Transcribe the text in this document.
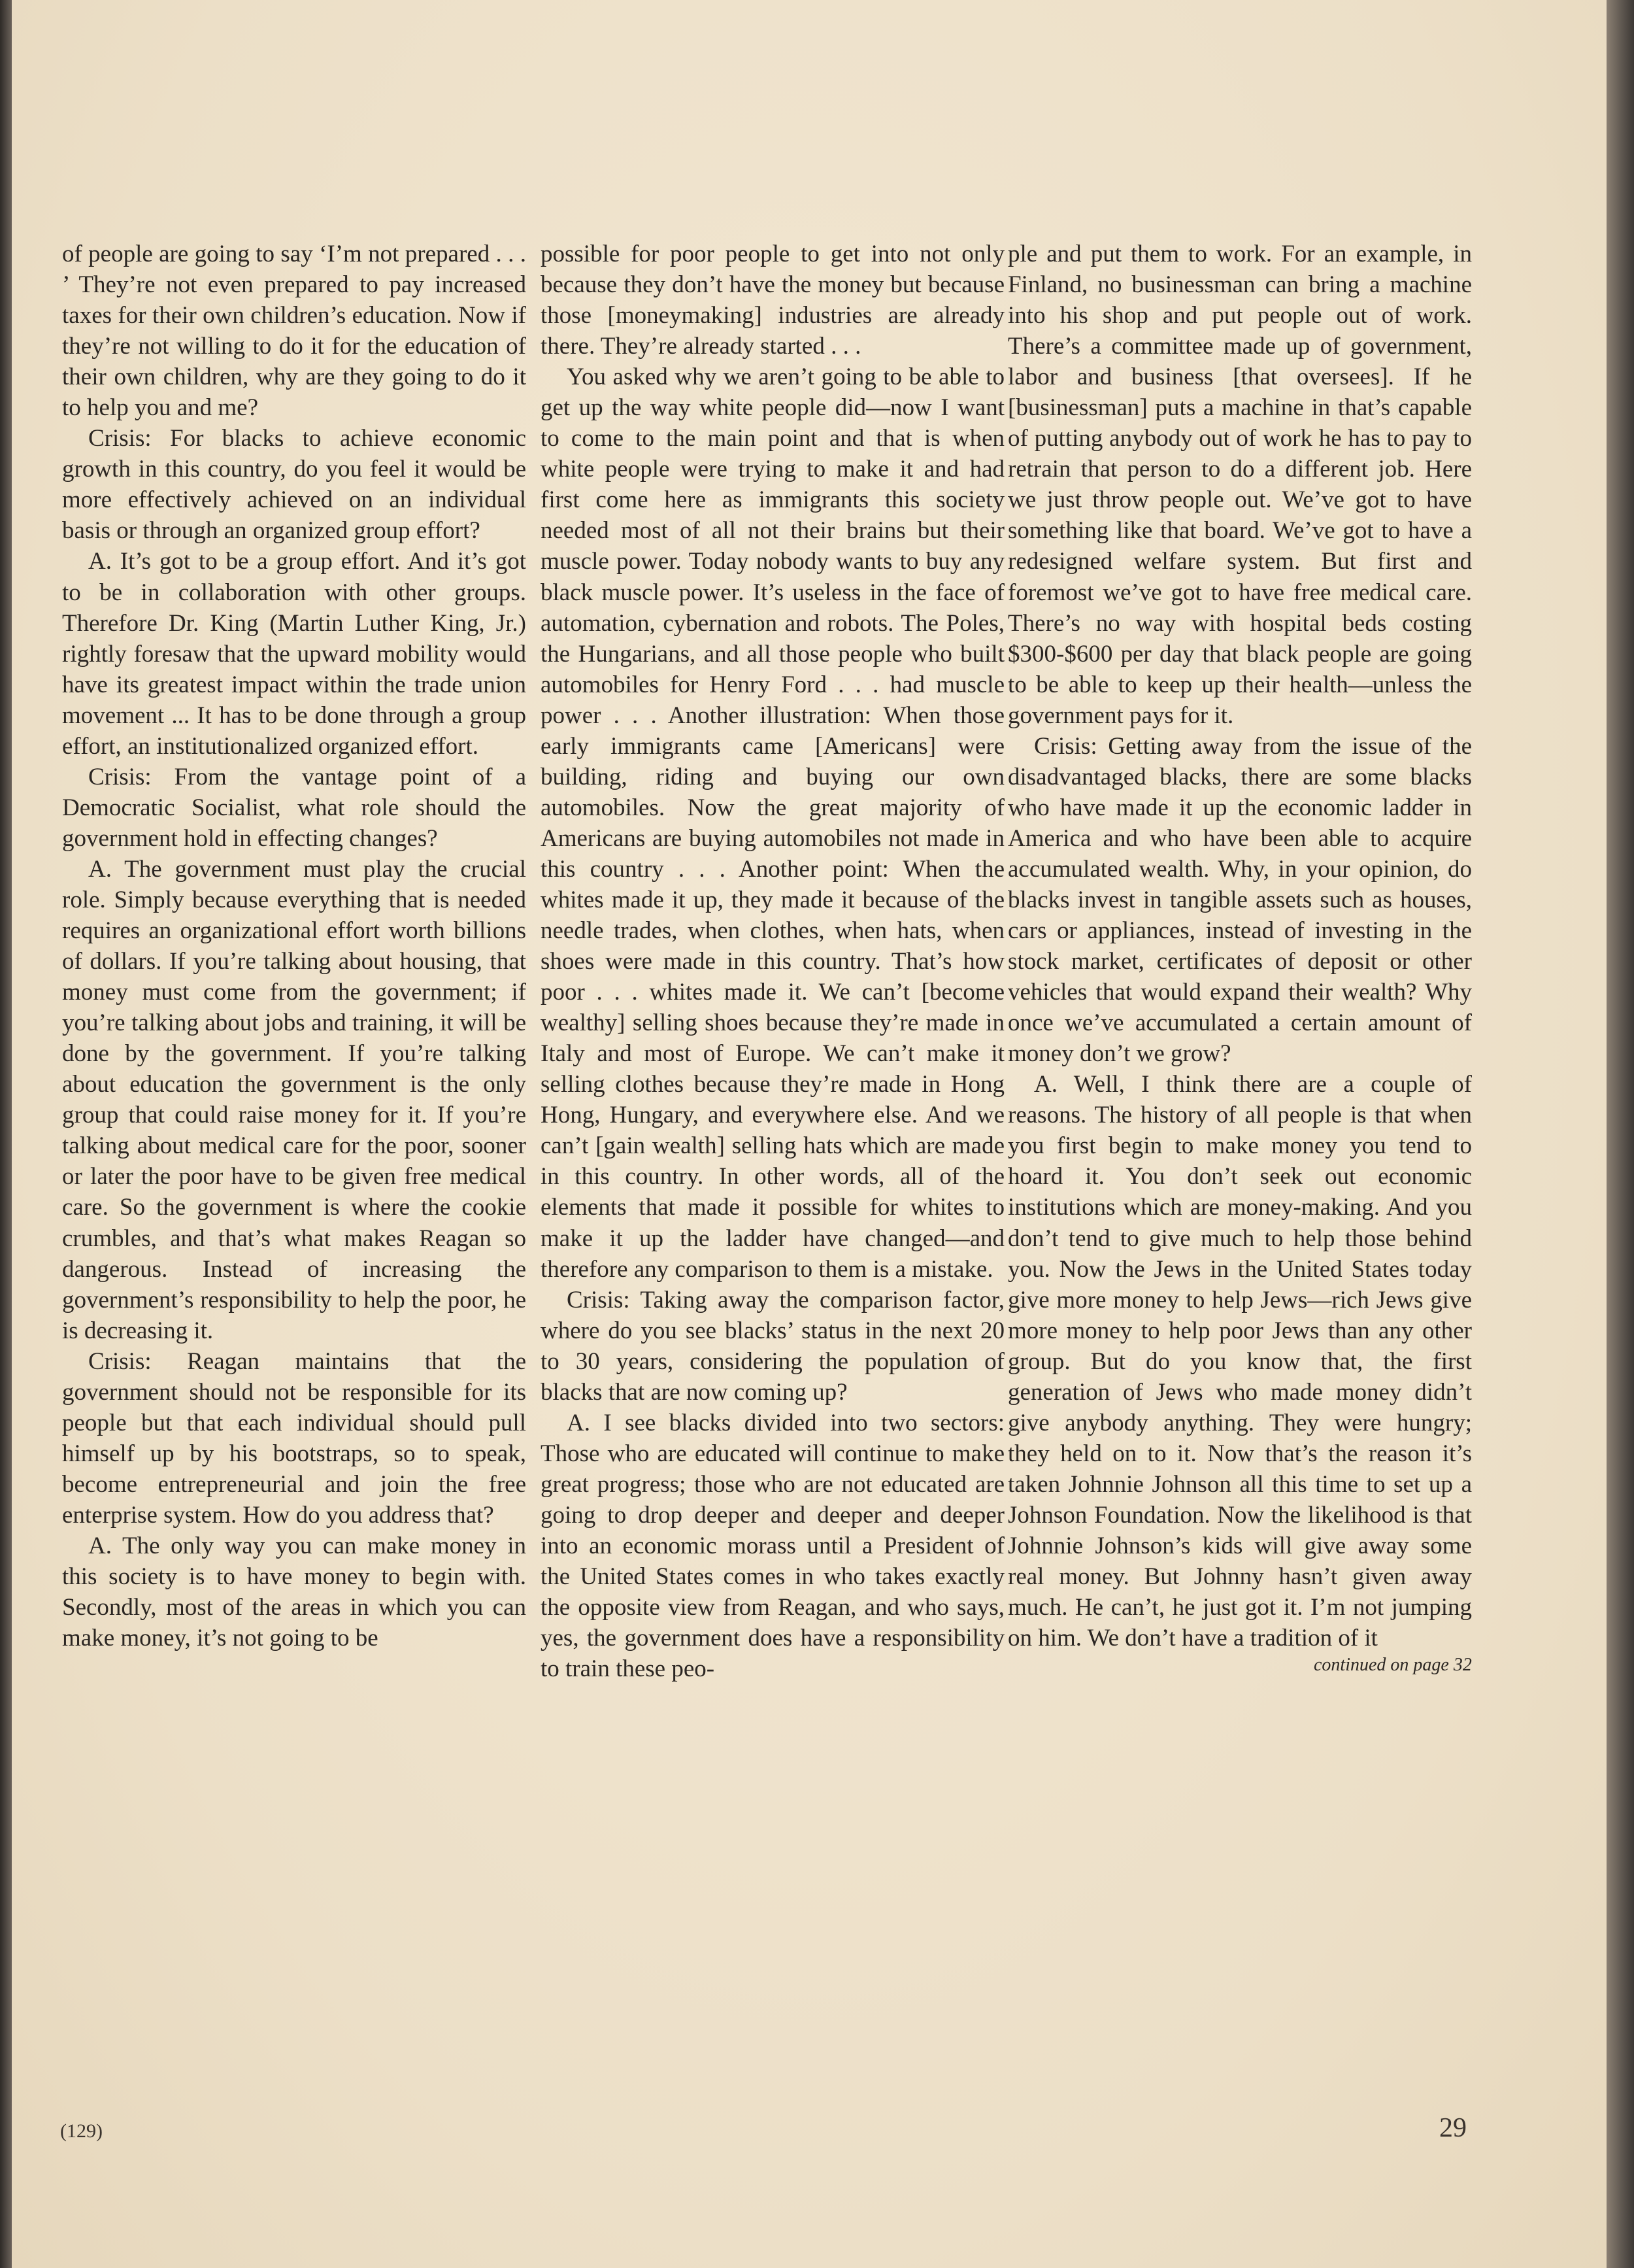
of people are going to say ‘I’m not prepared . . . ’ They’re not even prepared to pay increased taxes for their own children’s education. Now if they’re not willing to do it for the education of their own children, why are they going to do it to help you and me?

Crisis: For blacks to achieve economic growth in this country, do you feel it would be more effectively achieved on an individual basis or through an organized group effort?

A. It’s got to be a group effort. And it’s got to be in collaboration with other groups. Therefore Dr. King (Martin Luther King, Jr.) rightly foresaw that the upward mobility would have its greatest impact within the trade union movement ... It has to be done through a group effort, an institutionalized organized effort.

Crisis: From the vantage point of a Democratic Socialist, what role should the government hold in effecting changes?

A. The government must play the crucial role. Simply because everything that is needed requires an organizational effort worth billions of dollars. If you’re talking about housing, that money must come from the government; if you’re talking about jobs and training, it will be done by the government. If you’re talking about education the government is the only group that could raise money for it. If you’re talking about medical care for the poor, sooner or later the poor have to be given free medical care. So the government is where the cookie crumbles, and that’s what makes Reagan so dangerous. Instead of increasing the government’s responsibility to help the poor, he is decreasing it.

Crisis: Reagan maintains that the government should not be responsible for its people but that each individual should pull himself up by his bootstraps, so to speak, become entrepreneurial and join the free enterprise system. How do you address that?

A. The only way you can make money in this society is to have money to begin with. Secondly, most of the areas in which you can make money, it’s not going to be

possible for poor people to get into not only because they don’t have the money but because those [moneymaking] industries are already there. They’re already started . . .

You asked why we aren’t going to be able to get up the way white people did—now I want to come to the main point and that is when white people were trying to make it and had first come here as immigrants this society needed most of all not their brains but their muscle power. Today nobody wants to buy any black muscle power. It’s useless in the face of automation, cybernation and robots. The Poles, the Hungarians, and all those people who built automobiles for Henry Ford . . . had muscle power . . . Another illustration: When those early immigrants came [Americans] were building, riding and buying our own automobiles. Now the great majority of Americans are buying automobiles not made in this country . . . Another point: When the whites made it up, they made it because of the needle trades, when clothes, when hats, when shoes were made in this country. That’s how poor . . . whites made it. We can’t [become wealthy] selling shoes because they’re made in Italy and most of Europe. We can’t make it selling clothes because they’re made in Hong Hong, Hungary, and everywhere else. And we can’t [gain wealth] selling hats which are made in this country. In other words, all of the elements that made it possible for whites to make it up the ladder have changed—and therefore any comparison to them is a mistake.

Crisis: Taking away the comparison factor, where do you see blacks’ status in the next 20 to 30 years, considering the population of blacks that are now coming up?

A. I see blacks divided into two sectors: Those who are educated will continue to make great progress; those who are not educated are going to drop deeper and deeper and deeper into an economic morass until a President of the United States comes in who takes exactly the opposite view from Reagan, and who says, yes, the government does have a responsibility to train these peo-

ple and put them to work. For an example, in Finland, no businessman can bring a machine into his shop and put people out of work. There’s a committee made up of government, labor and business [that oversees]. If he [businessman] puts a machine in that’s capable of putting anybody out of work he has to pay to retrain that person to do a different job. Here we just throw people out. We’ve got to have something like that board. We’ve got to have a redesigned welfare system. But first and foremost we’ve got to have free medical care. There’s no way with hospital beds costing $300-$600 per day that black people are going to be able to keep up their health—unless the government pays for it.

Crisis: Getting away from the issue of the disadvantaged blacks, there are some blacks who have made it up the economic ladder in America and who have been able to acquire accumulated wealth. Why, in your opinion, do blacks invest in tangible assets such as houses, cars or appliances, instead of investing in the stock market, certificates of deposit or other vehicles that would expand their wealth? Why once we’ve accumulated a certain amount of money don’t we grow?

A. Well, I think there are a couple of reasons. The history of all people is that when you first begin to make money you tend to hoard it. You don’t seek out economic institutions which are money-making. And you don’t tend to give much to help those behind you. Now the Jews in the United States today give more money to help Jews—rich Jews give more money to help poor Jews than any other group. But do you know that, the first generation of Jews who made money didn’t give anybody anything. They were hungry; they held on to it. Now that’s the reason it’s taken Johnnie Johnson all this time to set up a Johnson Foundation. Now the likelihood is that Johnnie Johnson’s kids will give away some real money. But Johnny hasn’t given away much. He can’t, he just got it. I’m not jumping on him. We don’t have a tradition of it

continued on page 32
(129)	29
